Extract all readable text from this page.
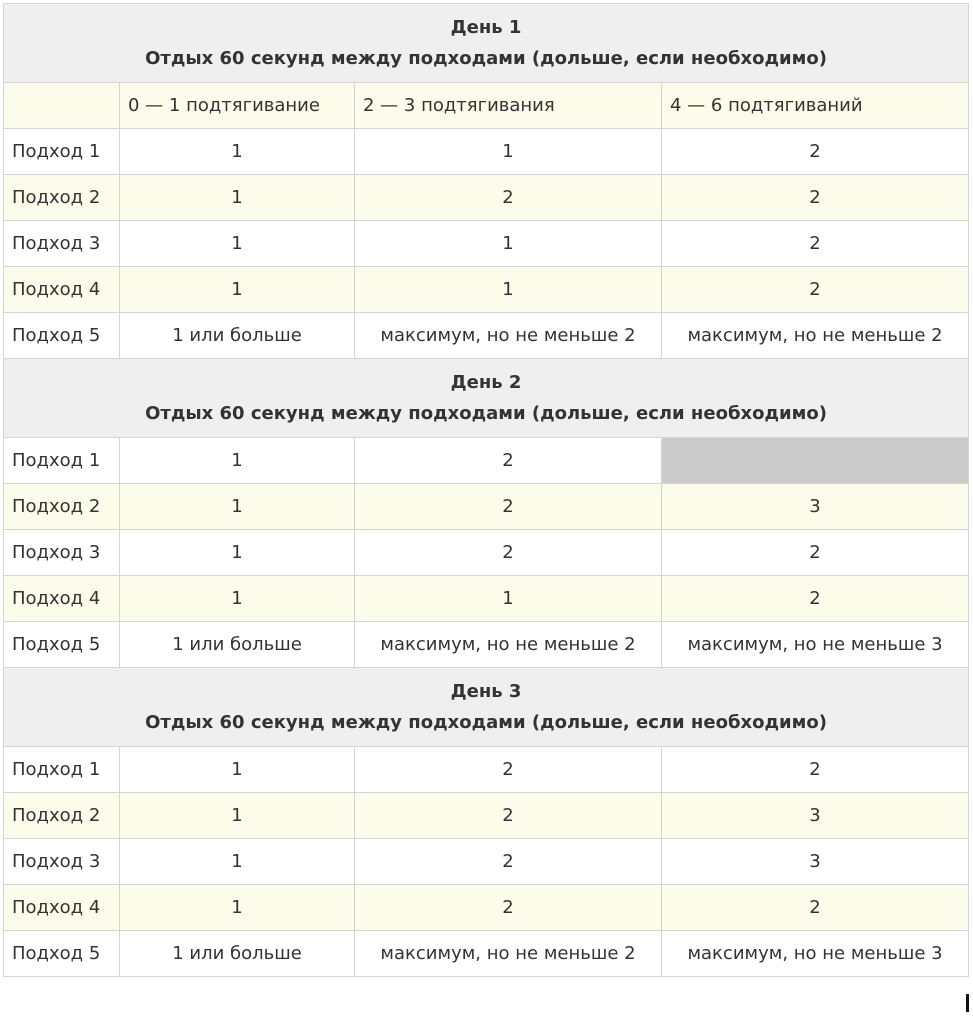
День 1
Отдых 60 секунд между подходами (дольше, если необходимо)			

	0 — 1 подтягивание	2 — 3 подтягивания	4 — 6 подтягиваний
Подход 1	1	1	2
Подход 2	1	2	2
Подход 3	1	1	2
Подход 4	1	1	2
Подход 5	1 или больше	максимум, но не меньше 2	максимум, но не меньше 2

День 2
Отдых 60 секунд между подходами (дольше, если необходимо)			

Подход 1	1	2	
Подход 2	1	2	3
Подход 3	1	2	2
Подход 4	1	1	2
Подход 5	1 или больше	максимум, но не меньше 2	максимум, но не меньше 3

День 3
Отдых 60 секунд между подходами (дольше, если необходимо)			

Подход 1	1	2	2
Подход 2	1	2	3
Подход 3	1	2	3
Подход 4	1	2	2
Подход 5	1 или больше	максимум, но не меньше 2	максимум, но не меньше 3
